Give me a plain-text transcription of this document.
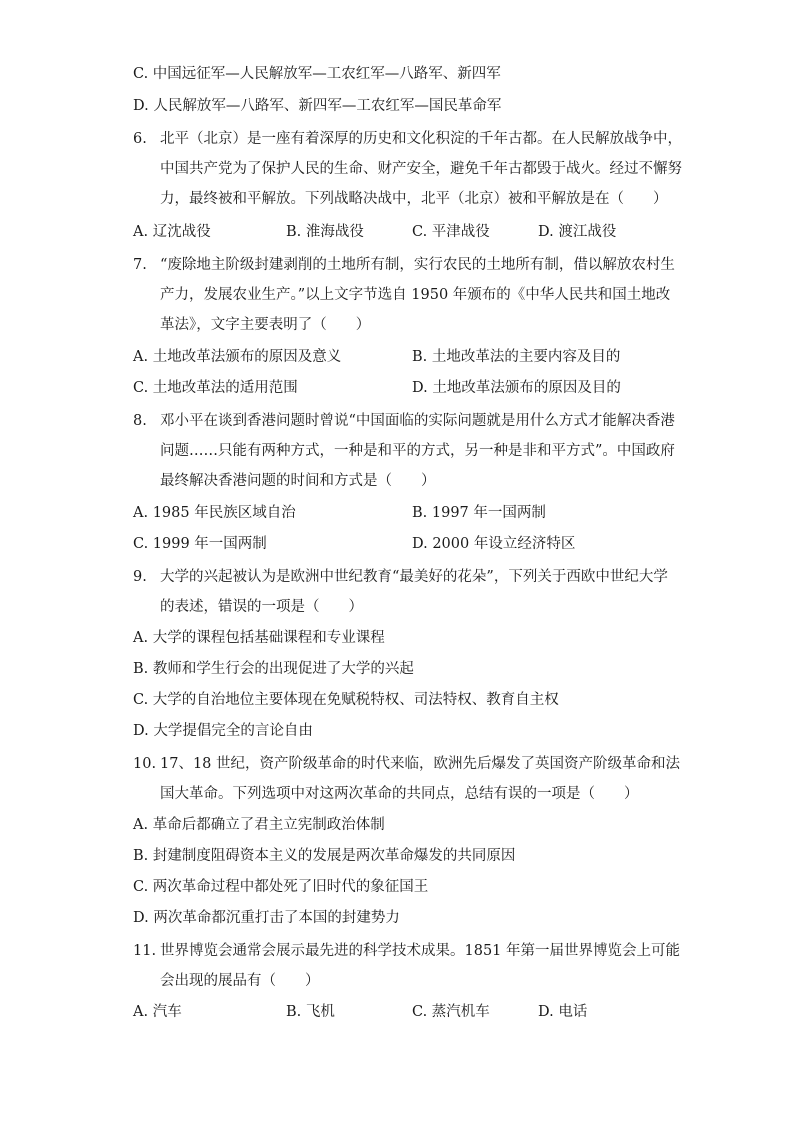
C. 中国远征军—人民解放军—工农红军—八路军、新四军
D. 人民解放军—八路军、新四军—工农红军—国民革命军
6. 北平（北京）是一座有着深厚的历史和文化积淀的千年古都。在人民解放战争中，
中国共产党为了保护人民的生命、财产安全，避免千年古都毁于战火。经过不懈努
力，最终被和平解放。下列战略决战中，北平（北京）被和平解放是在（　　）
A. 辽沈战役	B. 淮海战役	C. 平津战役	D. 渡江战役
7. “废除地主阶级封建剥削的土地所有制，实行农民的土地所有制，借以解放农村生
产力，发展农业生产。”以上文字节选自 1950 年颁布的《中华人民共和国土地改
革法》，文字主要表明了（　　）
A. 土地改革法颁布的原因及意义	B. 土地改革法的主要内容及目的
C. 土地改革法的适用范围	D. 土地改革法颁布的原因及目的
8. 邓小平在谈到香港问题时曾说“中国面临的实际问题就是用什么方式才能解决香港
问题……只能有两种方式，一种是和平的方式，另一种是非和平方式”。中国政府
最终解决香港问题的时间和方式是（　　）
A. 1985 年民族区域自治	B. 1997 年一国两制
C. 1999 年一国两制	D. 2000 年设立经济特区
9. 大学的兴起被认为是欧洲中世纪教育“最美好的花朵”，下列关于西欧中世纪大学
的表述，错误的一项是（　　）
A. 大学的课程包括基础课程和专业课程
B. 教师和学生行会的出现促进了大学的兴起
C. 大学的自治地位主要体现在免赋税特权、司法特权、教育自主权
D. 大学提倡完全的言论自由
10. 17、18 世纪，资产阶级革命的时代来临，欧洲先后爆发了英国资产阶级革命和法
国大革命。下列选项中对这两次革命的共同点，总结有误的一项是（　　）
A. 革命后都确立了君主立宪制政治体制
B. 封建制度阻碍资本主义的发展是两次革命爆发的共同原因
C. 两次革命过程中都处死了旧时代的象征国王
D. 两次革命都沉重打击了本国的封建势力
11. 世界博览会通常会展示最先进的科学技术成果。1851 年第一届世界博览会上可能
会出现的展品有（　　）
A. 汽车	B. 飞机	C. 蒸汽机车	D. 电话
